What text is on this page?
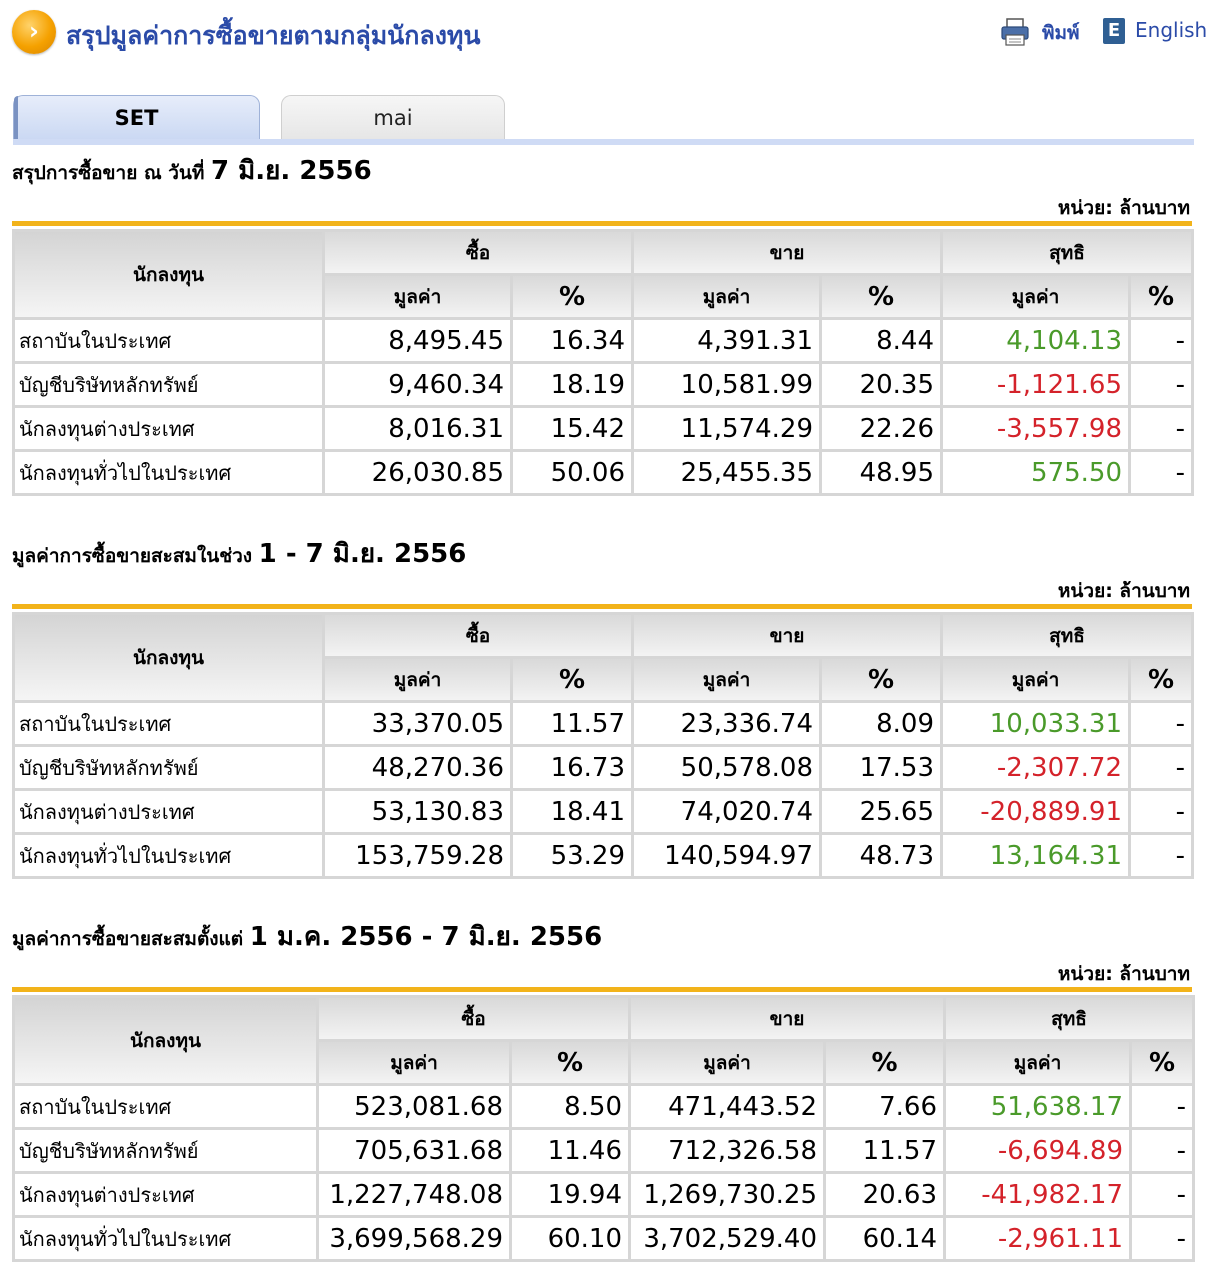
›	สรุปมูลค่าการซื้อขายตามกลุ่มนักลงทุน	พิมพ์ E English
SET	mai
สรุปการซื้อขาย ณ วันที่ 7 มิ.ย. 2556
หน่วย: ล้านบาท
นักลงทุน	ซื้อ		ขาย		สุทธิ	
	มูลค่า	%	มูลค่า	%	มูลค่า	%
สถาบันในประเทศ	8,495.45	16.34	4,391.31	8.44	4,104.13	-
บัญชีบริษัทหลักทรัพย์	9,460.34	18.19	10,581.99	20.35	-1,121.65	-
นักลงทุนต่างประเทศ	8,016.31	15.42	11,574.29	22.26	-3,557.98	-
นักลงทุนทั่วไปในประเทศ	26,030.85	50.06	25,455.35	48.95	575.50	-
มูลค่าการซื้อขายสะสมในช่วง 1 - 7 มิ.ย. 2556
หน่วย: ล้านบาท
นักลงทุน	ซื้อ		ขาย		สุทธิ	
	มูลค่า	%	มูลค่า	%	มูลค่า	%
สถาบันในประเทศ	33,370.05	11.57	23,336.74	8.09	10,033.31	-
บัญชีบริษัทหลักทรัพย์	48,270.36	16.73	50,578.08	17.53	-2,307.72	-
นักลงทุนต่างประเทศ	53,130.83	18.41	74,020.74	25.65	-20,889.91	-
นักลงทุนทั่วไปในประเทศ	153,759.28	53.29	140,594.97	48.73	13,164.31	-
มูลค่าการซื้อขายสะสมตั้งแต่ 1 ม.ค. 2556 - 7 มิ.ย. 2556
หน่วย: ล้านบาท
นักลงทุน	ซื้อ		ขาย		สุทธิ	
	มูลค่า	%	มูลค่า	%	มูลค่า	%
สถาบันในประเทศ	523,081.68	8.50	471,443.52	7.66	51,638.17	-
บัญชีบริษัทหลักทรัพย์	705,631.68	11.46	712,326.58	11.57	-6,694.89	-
นักลงทุนต่างประเทศ	1,227,748.08	19.94	1,269,730.25	20.63	-41,982.17	-
นักลงทุนทั่วไปในประเทศ	3,699,568.29	60.10	3,702,529.40	60.14	-2,961.11	-
